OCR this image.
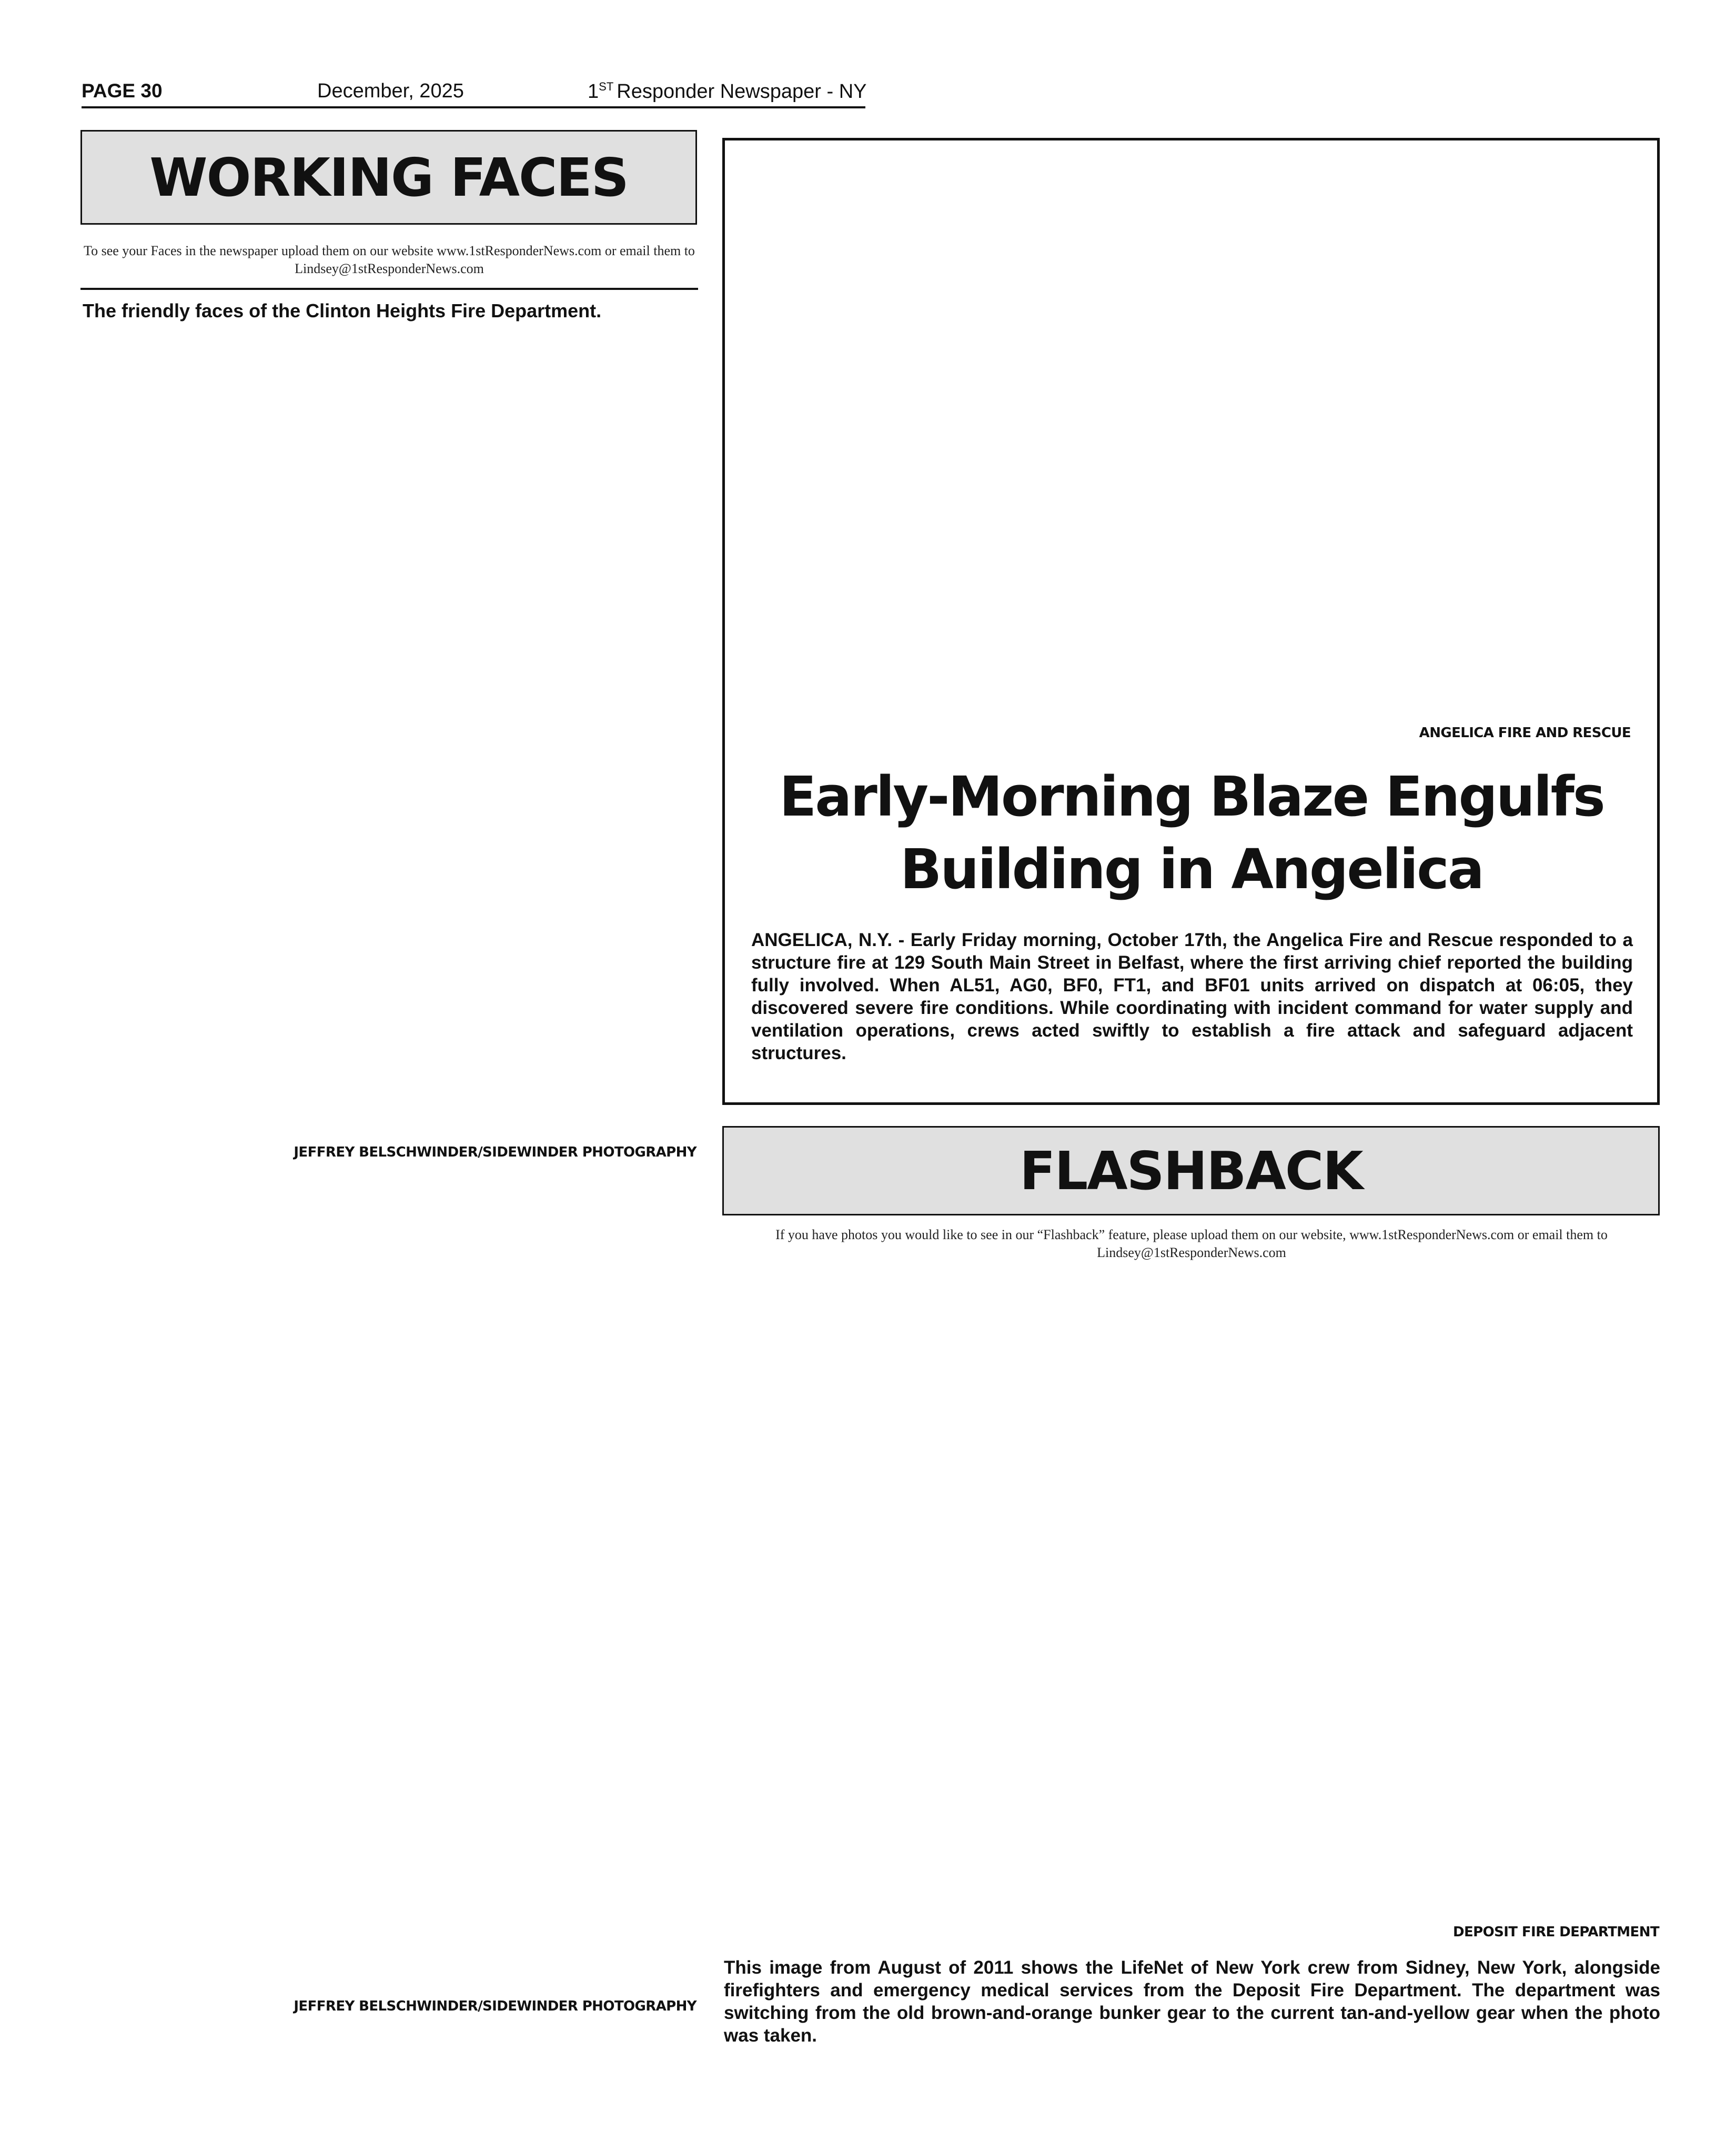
PAGE 30	December, 2025	1ST Responder Newspaper - NY
WORKING FACES
To see your Faces in the newspaper upload them on our website www.1stResponderNews.com or email them to Lindsey@1stResponderNews.com
The friendly faces of the Clinton Heights Fire Department.
JEFFREY BELSCHWINDER/SIDEWINDER PHOTOGRAPHY
JEFFREY BELSCHWINDER/SIDEWINDER PHOTOGRAPHY
ANGELICA FIRE AND RESCUE
Early-Morning Blaze Engulfs
Building in Angelica
ANGELICA, N.Y. - Early Friday morning, October 17th, the Angelica Fire and Rescue responded to a structure fire at 129 South Main Street in Belfast, where the first arriving chief reported the building fully involved. When AL51, AG0, BF0, FT1, and BF01 units arrived on dispatch at 06:05, they discovered severe fire conditions. While coordinating with incident command for water supply and ventilation operations, crews acted swiftly to establish a fire attack and safeguard adjacent structures.
FLASHBACK
If you have photos you would like to see in our “Flashback” feature, please upload them on our website, www.1stResponderNews.com or email them to Lindsey@1stResponderNews.com
DEPOSIT FIRE DEPARTMENT
This image from August of 2011 shows the LifeNet of New York crew from Sidney, New York, alongside firefighters and emergency medical services from the Deposit Fire Department. The department was switching from the old brown-and-orange bunker gear to the current tan-and-yellow gear when the photo was taken.
